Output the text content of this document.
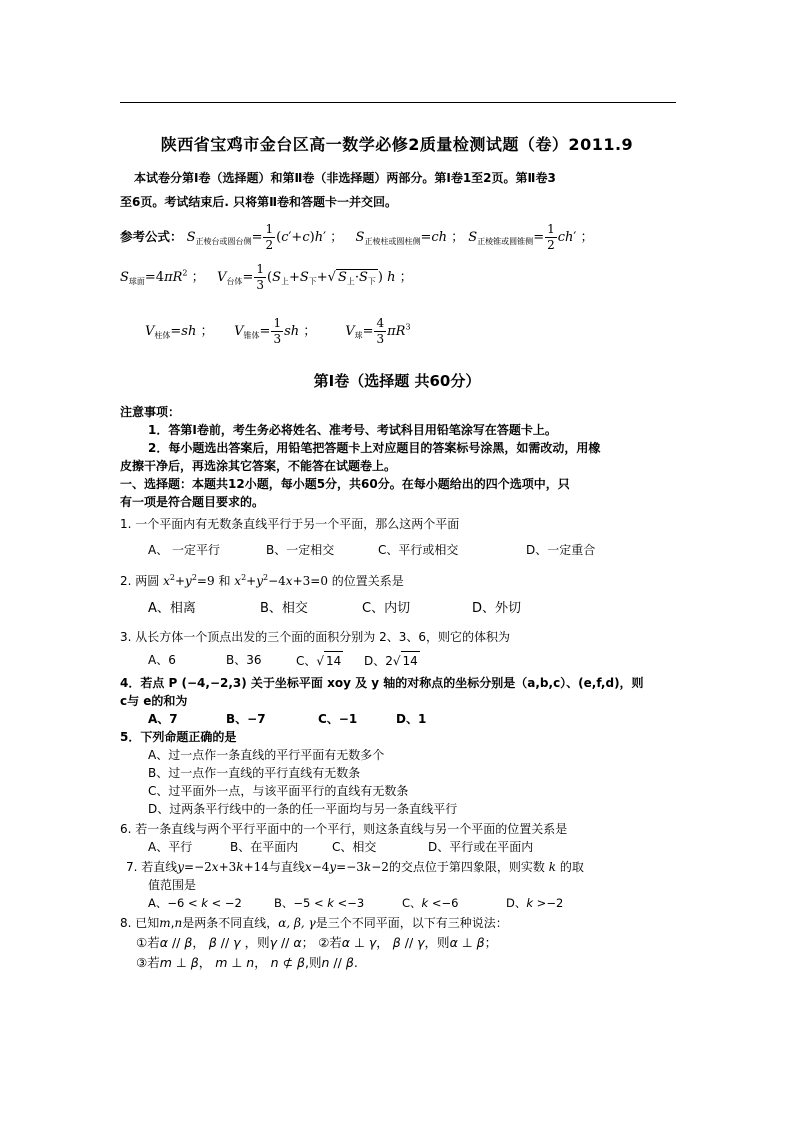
陕西省宝鸡市金台区高一数学必修2质量检测试题（卷）2011.9
本试卷分第Ⅰ卷（选择题）和第Ⅱ卷（非选择题）两部分。第Ⅰ卷1至2页。第Ⅱ卷3
至6页。考试结束后. 只将第Ⅱ卷和答题卡一并交回。
参考公式： $S_{正棱台或圆台侧}= \frac{1}{2} (c'+c)h'$ ；   $S_{正棱柱或圆柱侧}=ch$ ； $S_{正棱锥或圆锥侧}= \frac{1}{2} ch'$ ；
$S_{球面}=4\pi R^2$ ；   $V_{台体}= \frac{1}{3} (S_上+S_下+√$ $S_上\cdot S_下$ ) h ；
$V_{柱体}=sh$ ；     $V_{锥体}= \frac{1}{3}$ sh ；       $V_球= \frac{4}{3} \pi R^3$
第Ⅰ卷（选择题 共60分）
注意事项：
1．答第Ⅰ卷前，考生务必将姓名、准考号、考试科目用铅笔涂写在答题卡上。
2．每小题选出答案后，用铅笔把答题卡上对应题目的答案标号涂黑，如需改动，用橡
皮擦干净后，再选涂其它答案，不能答在试题卷上。
一、选择题：本题共12小题，每小题5分，共60分。在每小题给出的四个选项中，只
有一项是符合题目要求的。
1. 一个平面内有无数条直线平行于另一个平面，那么这两个平面
A、 一定平行	B、一定相交	C、平行或相交	D、一定重合
2. 两圆 $x^2+y^2=9$ 和 $x^2+y^2-4x+3=0$ 的位置关系是
A、相离	B、相交	C、内切	D、外切
3. 从长方体一个顶点出发的三个面的面积分别为 2、3、6，则它的体积为
A、6	B、36	C、√ 14	D、2√ 14
4．若点 P (−4,−2,3) 关于坐标平面 xoy 及 y 轴的对称点的坐标分别是（a,b,c）、(e,f,d)，则
c与 e的和为
A、7	B、−7	C、−1	D、1
5．下列命题正确的是
A、过一点作一条直线的平行平面有无数多个
B、过一点作一直线的平行直线有无数条
C、过平面外一点，与该平面平行的直线有无数条
D、过两条平行线中的一条的任一平面均与另一条直线平行
6. 若一条直线与两个平行平面中的一个平行，则这条直线与另一个平面的位置关系是
A、平行	B、在平面内	C、相交	D、平行或在平面内
7. 若直线y=−2x+3k+14与直线x−4y=−3k−2的交点位于第四象限，则实数 k 的取
值范围是
A、−6 < k < −2	B、−5 < k <−3	C、k <−6	D、k >−2
8. 已知m,n是两条不同直线，α, β, γ是三个不同平面，以下有三种说法：
①若α // β， β // γ ，则γ // α； ②若α ⊥ γ， β // γ，则α ⊥ β；
③若m ⊥ β， m ⊥ n， n ⊄ β,则n // β.
